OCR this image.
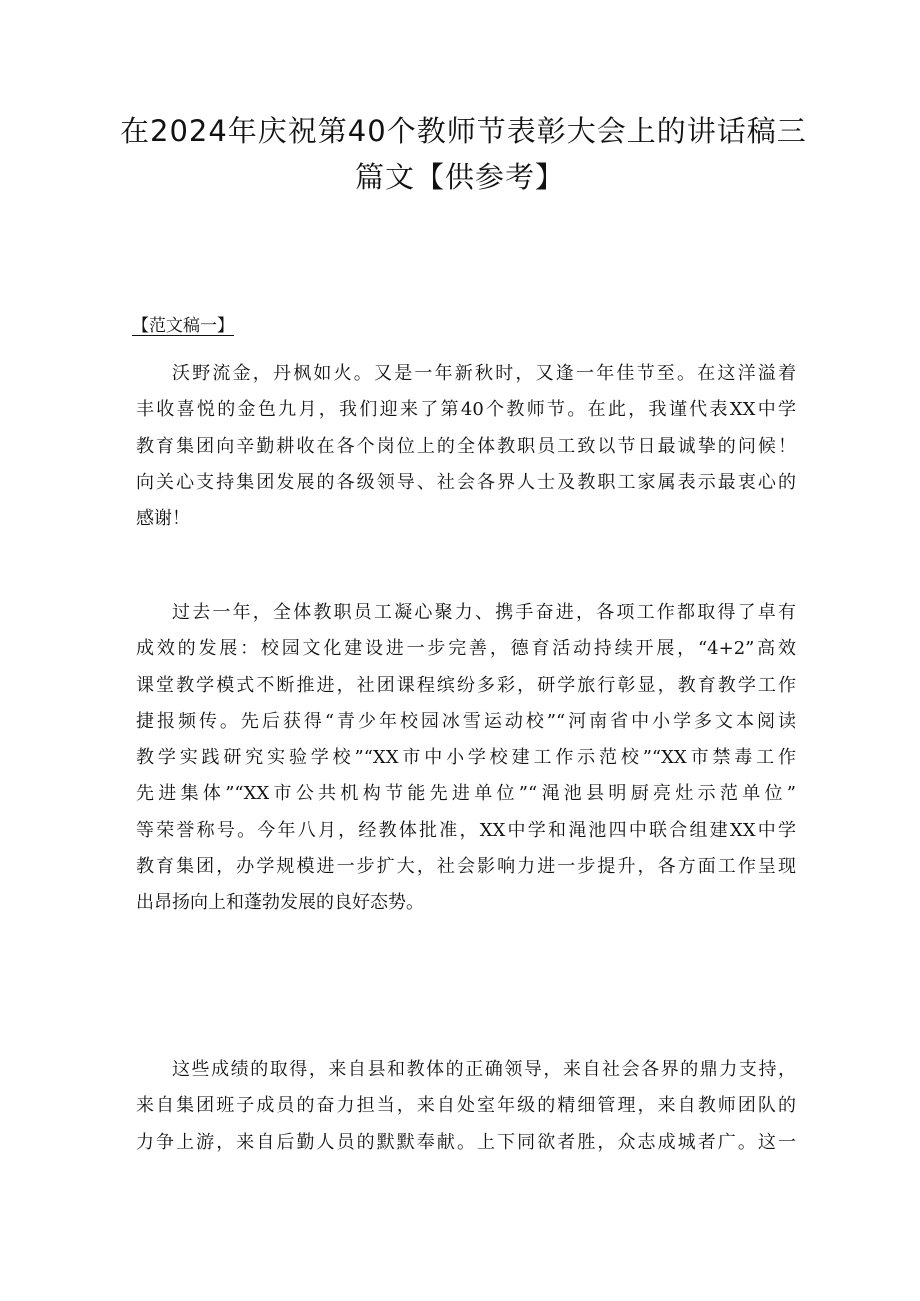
在2024年庆祝第40个教师节表彰大会上的讲话稿三
篇文【供参考】
【范文稿一】
沃野流金，丹枫如火。又是一年新秋时，又逢一年佳节至。在这洋溢着
丰收喜悦的金色九月，我们迎来了第40个教师节。在此，我谨代表XX中学
教育集团向辛勤耕收在各个岗位上的全体教职员工致以节日最诚挚的问候！
向关心支持集团发展的各级领导、社会各界人士及教职工家属表示最衷心的
感谢！
过去一年，全体教职员工凝心聚力、携手奋进，各项工作都取得了卓有
成效的发展：校园文化建设进一步完善，德育活动持续开展，“4+2”高效
课堂教学模式不断推进，社团课程缤纷多彩，研学旅行彰显，教育教学工作
捷报频传。先后获得“青少年校园冰雪运动校”“河南省中小学多文本阅读
教学实践研究实验学校”“XX市中小学校建工作示范校”“XX市禁毒工作
先进集体”“XX市公共机构节能先进单位”“渑池县明厨亮灶示范单位”
等荣誉称号。今年八月，经教体批准，XX中学和渑池四中联合组建XX中学
教育集团，办学规模进一步扩大，社会影响力进一步提升，各方面工作呈现
出昂扬向上和蓬勃发展的良好态势。
这些成绩的取得，来自县和教体的正确领导，来自社会各界的鼎力支持，
来自集团班子成员的奋力担当，来自处室年级的精细管理，来自教师团队的
力争上游，来自后勤人员的默默奉献。上下同欲者胜，众志成城者广。这一
